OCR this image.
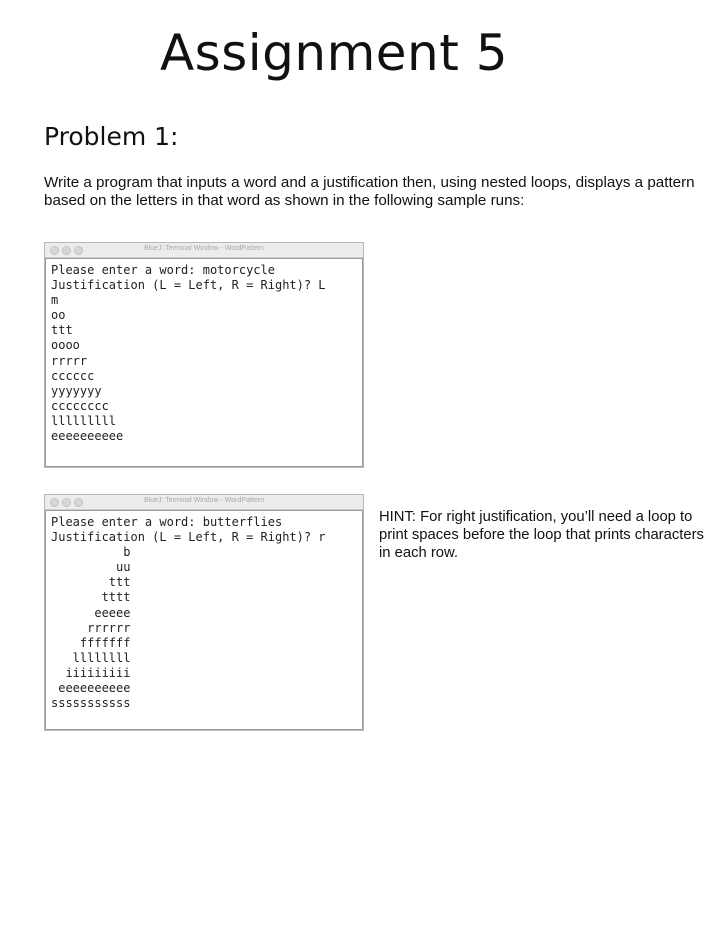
Assignment 5
Problem 1:

Write a program that inputs a word and a justification then, using nested loops, displays a pattern based on the letters in that word as shown in the following sample runs:

BlueJ: Terminal Window - WordPattern
Please enter a word: motorcycle
Justification (L = Left, R = Right)? L
m
oo
ttt
oooo
rrrrr
cccccc
yyyyyyy
cccccccc
lllllllll
eeeeeeeeee
BlueJ: Terminal Window - WordPattern
Please enter a word: butterflies
Justification (L = Left, R = Right)? r
b
uu
ttt
tttt
eeeee
rrrrrr
fffffff
llllllll
iiiiiiiii
eeeeeeeeee
sssssssssss

HINT: For right justification, you’ll need a loop to print spaces before the loop that prints characters in each row.
